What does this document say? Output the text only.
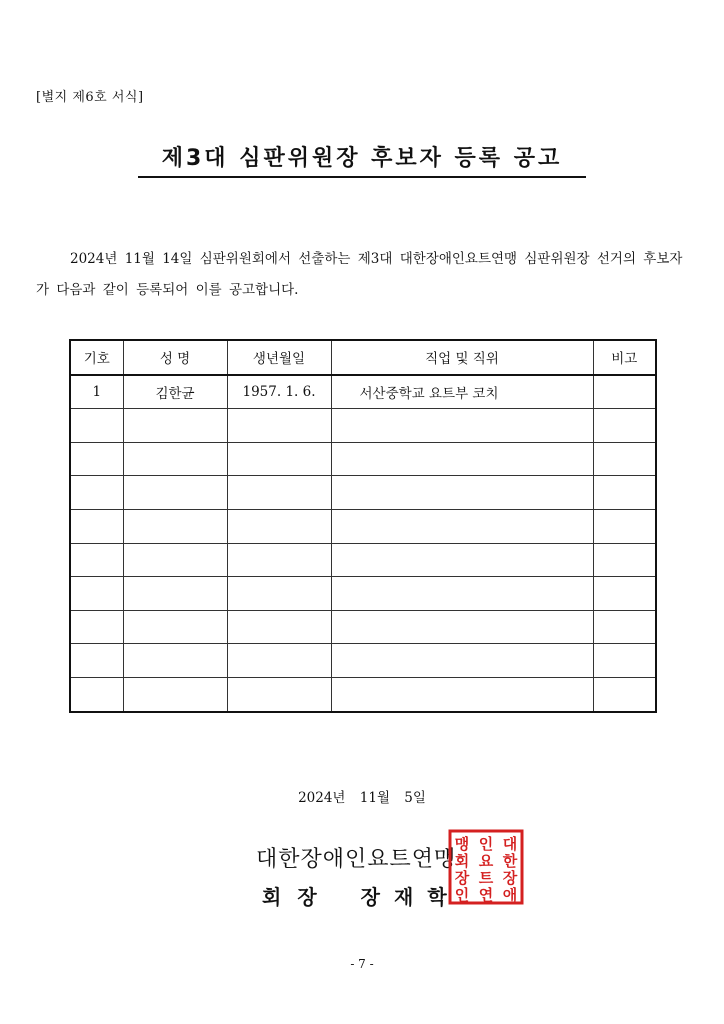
[별지 제6호 서식]
제3대 심판위원장 후보자 등록 공고
2024년 11월 14일 심판위원회에서 선출하는 제3대 대한장애인요트연맹 심판위원장 선거의 후보자가 다음과 같이 등록되어 이를 공고합니다.
기호	성 명	생년월일	직업 및 직위	비고
1	김한균	1957. 1. 6.	서산중학교 요트부 코치	

2024년 11월 5일
대한장애인요트연맹
회 장 장 재 학
대
한
장
애
인
요
트
연
맹
회
장
인
- 7 -
